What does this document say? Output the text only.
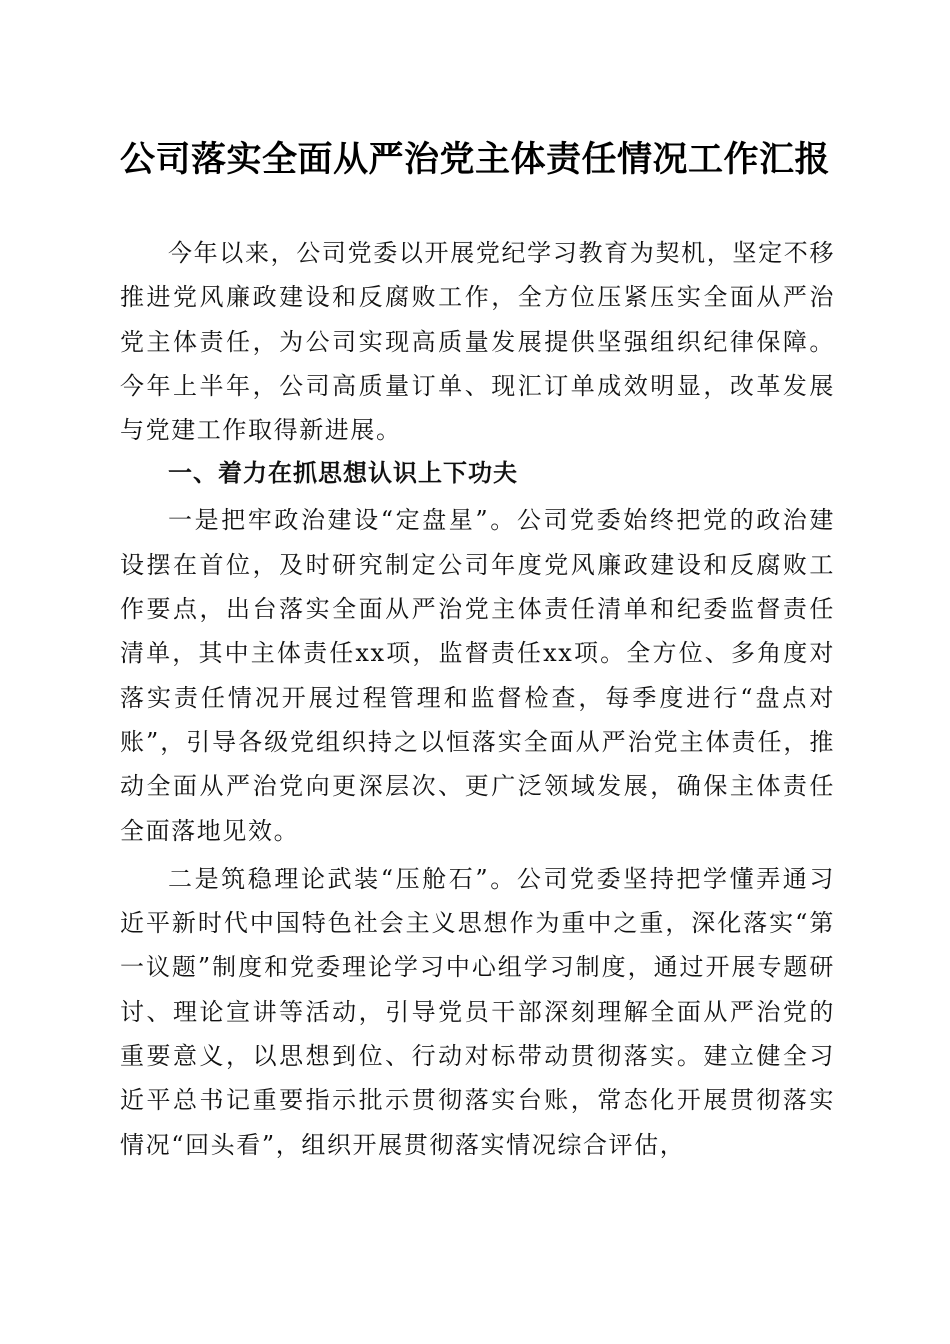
公司落实全面从严治党主体责任情况工作汇报

今年以来，公司党委以开展党纪学习教育为契机，坚定不移推进党风廉政建设和反腐败工作，全方位压紧压实全面从严治党主体责任，为公司实现高质量发展提供坚强组织纪律保障。今年上半年，公司高质量订单、现汇订单成效明显，改革发展与党建工作取得新进展。

一、着力在抓思想认识上下功夫

一是把牢政治建设“定盘星”。公司党委始终把党的政治建设摆在首位，及时研究制定公司年度党风廉政建设和反腐败工作要点，出台落实全面从严治党主体责任清单和纪委监督责任清单，其中主体责任xx项，监督责任xx项。全方位、多角度对落实责任情况开展过程管理和监督检查，每季度进行“盘点对账”，引导各级党组织持之以恒落实全面从严治党主体责任，推动全面从严治党向更深层次、更广泛领域发展，确保主体责任全面落地见效。

二是筑稳理论武装“压舱石”。公司党委坚持把学懂弄通习近平新时代中国特色社会主义思想作为重中之重，深化落实“第一议题”制度和党委理论学习中心组学习制度，通过开展专题研讨、理论宣讲等活动，引导党员干部深刻理解全面从严治党的重要意义，以思想到位、行动对标带动贯彻落实。建立健全习近平总书记重要指示批示贯彻落实台账，常态化开展贯彻落实情况“回头看”，组织开展贯彻落实情况综合评估，
